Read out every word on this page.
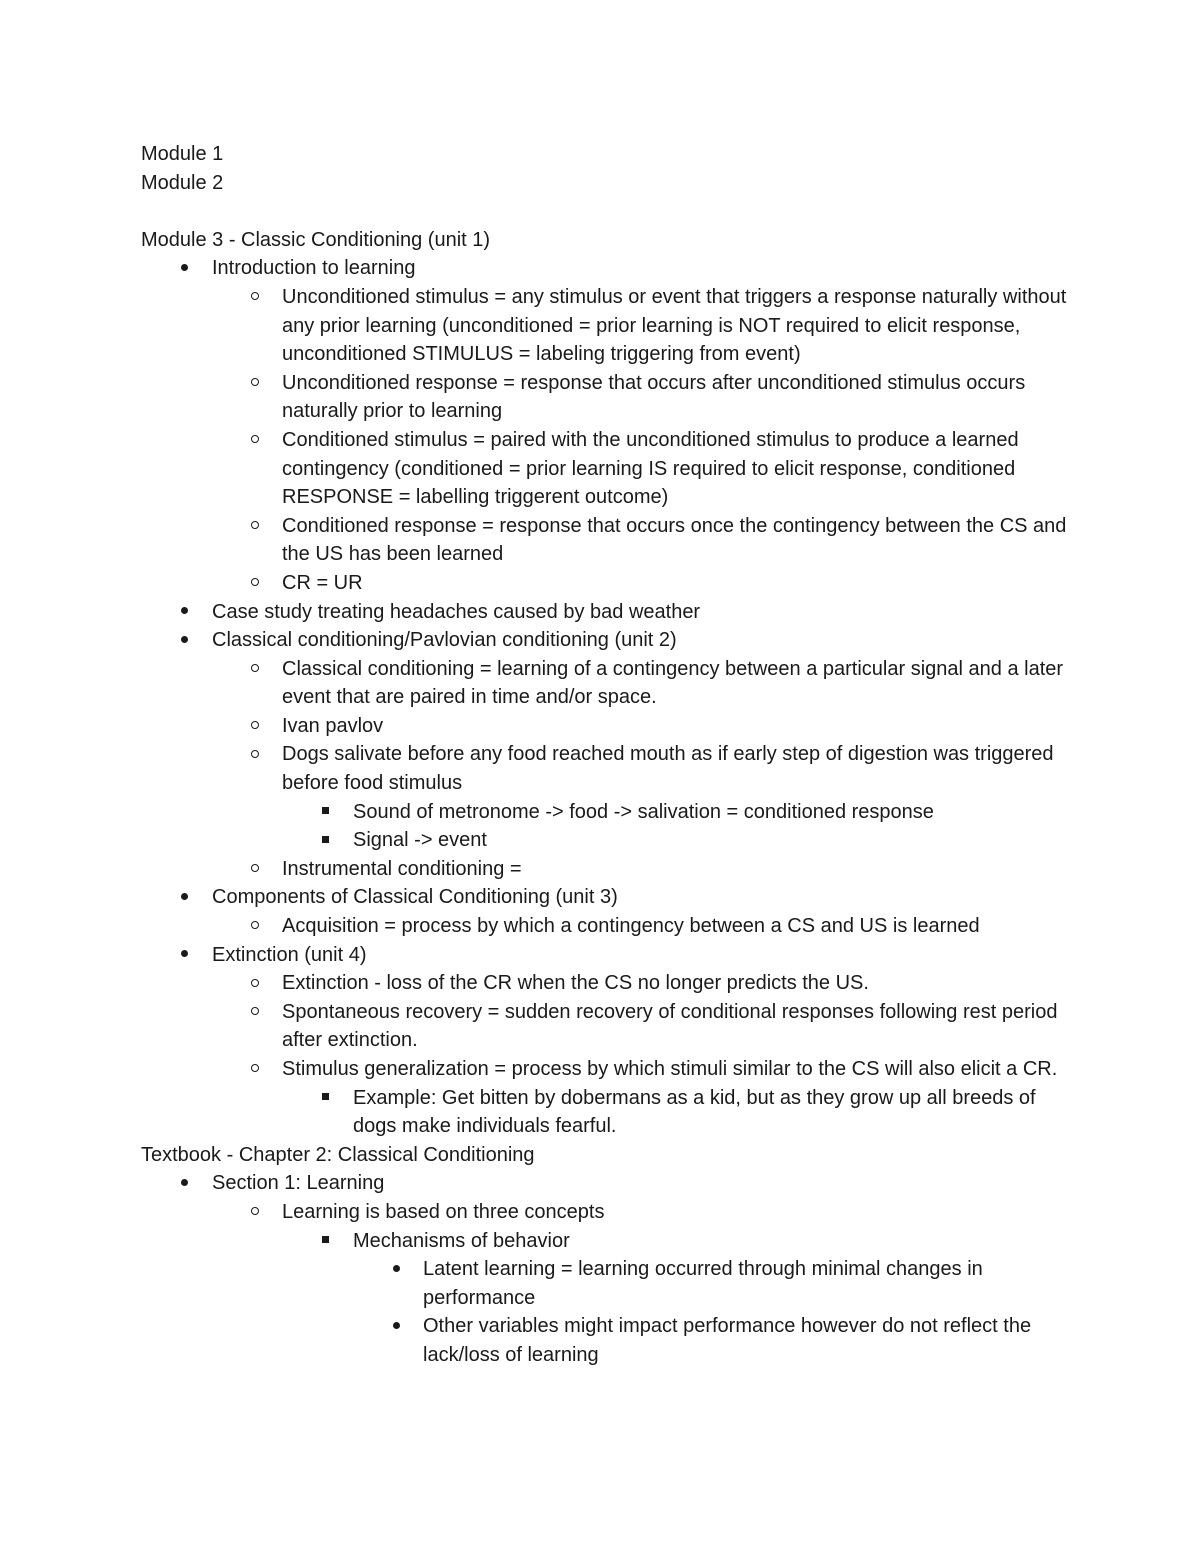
Module 1
Module 2
Module 3 - Classic Conditioning (unit 1)
Introduction to learning
Unconditioned stimulus = any stimulus or event that triggers a response naturally without any prior learning (unconditioned = prior learning is NOT required to elicit response, unconditioned STIMULUS = labeling triggering from event)
Unconditioned response = response that occurs after unconditioned stimulus occurs naturally prior to learning
Conditioned stimulus = paired with the unconditioned stimulus to produce a learned contingency (conditioned = prior learning IS required to elicit response, conditioned RESPONSE = labelling triggerent outcome)
Conditioned response = response that occurs once the contingency between the CS and the US has been learned
CR = UR
Case study treating headaches caused by bad weather
Classical conditioning/Pavlovian conditioning (unit 2)
Classical conditioning = learning of a contingency between a particular signal and a later event that are paired in time and/or space.
Ivan pavlov
Dogs salivate before any food reached mouth as if early step of digestion was triggered before food stimulus
Sound of metronome -> food -> salivation = conditioned response
Signal -> event
Instrumental conditioning =
Components of Classical Conditioning (unit 3)
Acquisition = process by which a contingency between a CS and US is learned
Extinction (unit 4)
Extinction - loss of the CR when the CS no longer predicts the US.
Spontaneous recovery = sudden recovery of conditional responses following rest period after extinction.
Stimulus generalization = process by which stimuli similar to the CS will also elicit a CR.
Example: Get bitten by dobermans as a kid, but as they grow up all breeds of dogs make individuals fearful.
Textbook - Chapter 2: Classical Conditioning
Section 1: Learning
Learning is based on three concepts
Mechanisms of behavior
Latent learning = learning occurred through minimal changes in performance
Other variables might impact performance however do not reflect the lack/loss of learning
